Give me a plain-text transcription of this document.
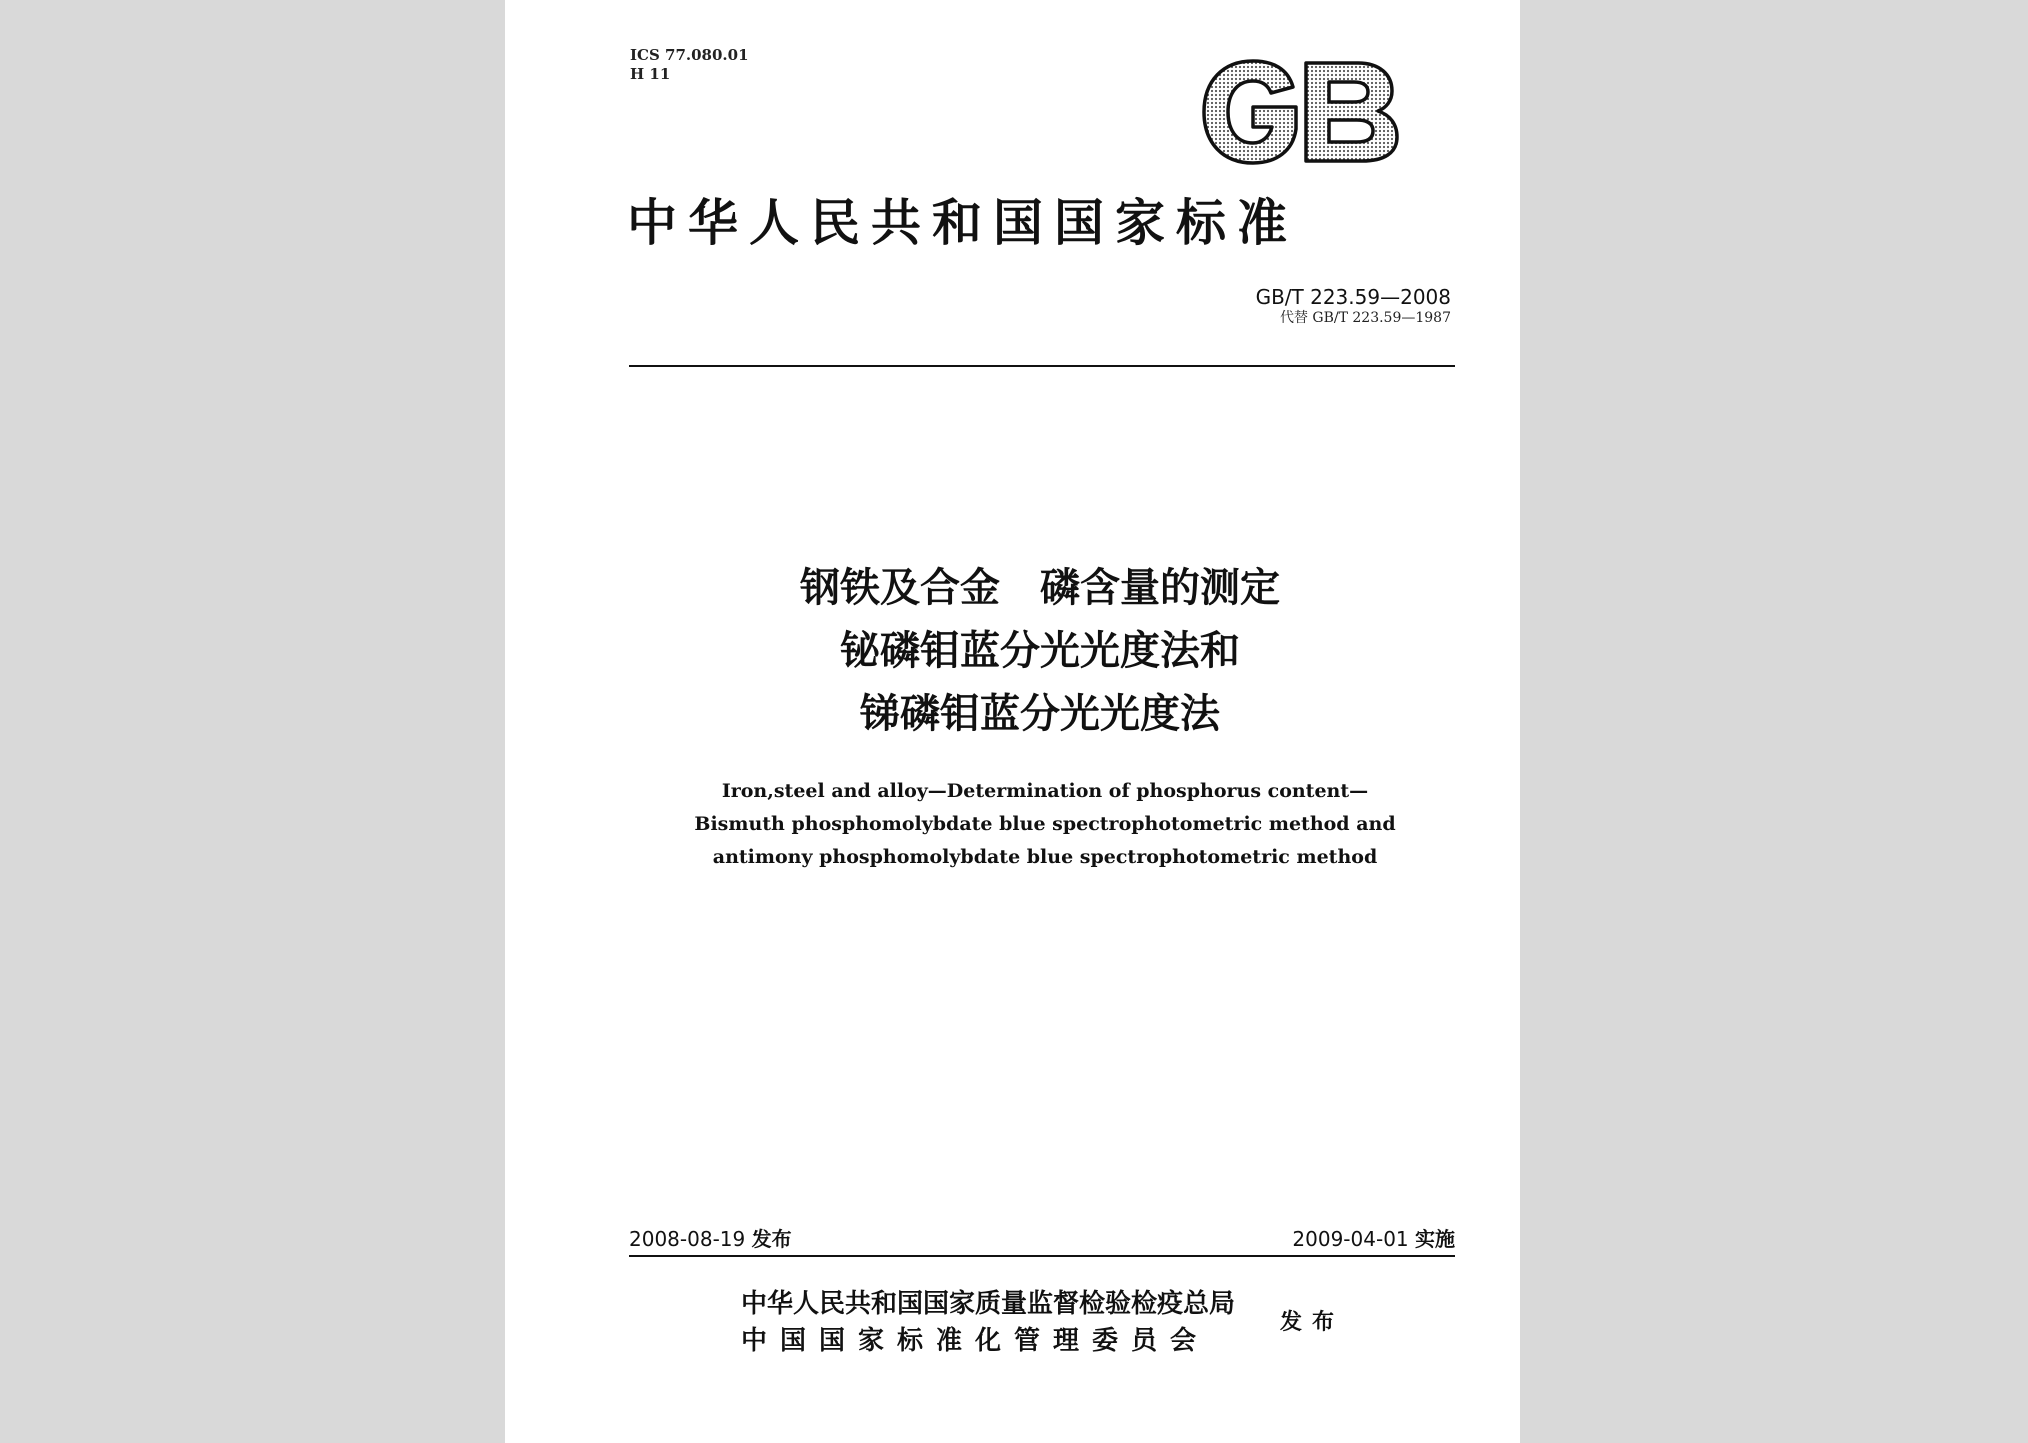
ICS 77.080.01
H 11
中华人民共和国国家标准
GB/T 223.59—2008
代替 GB/T 223.59—1987
钢铁及合金　磷含量的测定
铋磷钼蓝分光光度法和
锑磷钼蓝分光光度法
Iron,steel and alloy—Determination of phosphorus content—
Bismuth phosphomolybdate blue spectrophotometric method and
antimony phosphomolybdate blue spectrophotometric method
2008-08-19 发布	2009-04-01 实施
中华人民共和国国家质量监督检验检疫总局
中国国家标准化管理委员会
发布
